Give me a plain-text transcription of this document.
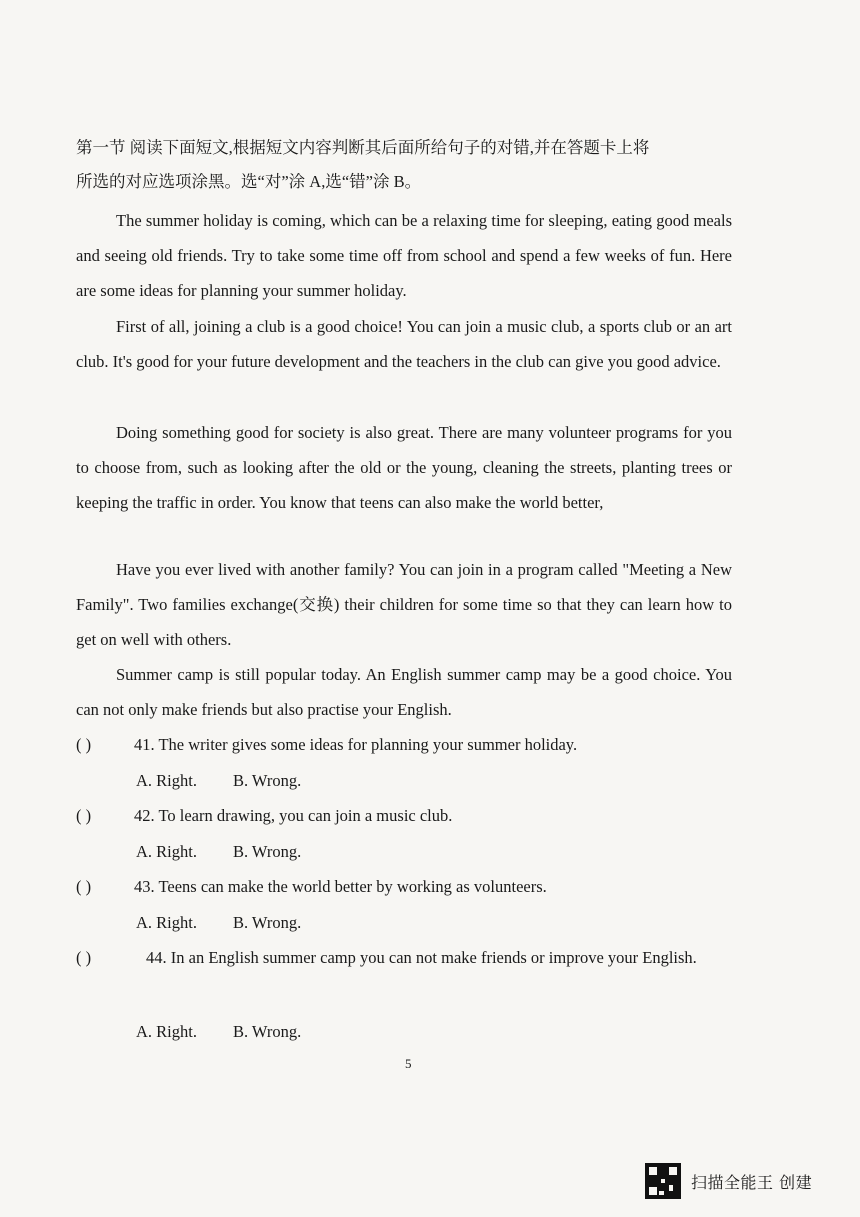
第一节 阅读下面短文,根据短文内容判断其后面所给句子的对错,并在答题卡上将
所选的对应选项涂黑。选“对”涂 A,选“错”涂 B。
The summer holiday is coming, which can be a relaxing time for sleeping, eating good meals and seeing old friends. Try to take some time off from school and spend a few weeks of fun. Here are some ideas for planning your summer holiday.
First of all, joining a club is a good choice! You can join a music club, a sports club or an art club. It's good for your future development and the teachers in the club can give you good advice.
Doing something good for society is also great. There are many volunteer programs for you to choose from, such as looking after the old or the young, cleaning the streets, planting trees or keeping the traffic in order. You know that teens can also make the world better,
Have you ever lived with another family? You can join in a program called "Meeting a New Family". Two families exchange(交换) their children for some time so that they can learn how to get on well with others.
Summer camp is still popular today. An English summer camp may be a good choice. You can not only make friends but also practise your English.
( )	41. The writer gives some ideas for planning your summer holiday.
A. Right. B. Wrong.
( )	42. To learn drawing, you can join a music club.
A. Right. B. Wrong.
( )	43. Teens can make the world better by working as volunteers.
A. Right. B. Wrong.
( )	44. In an English summer camp you can not make friends or improve your English.
A. Right. B. Wrong.
5
扫描全能王 创建
